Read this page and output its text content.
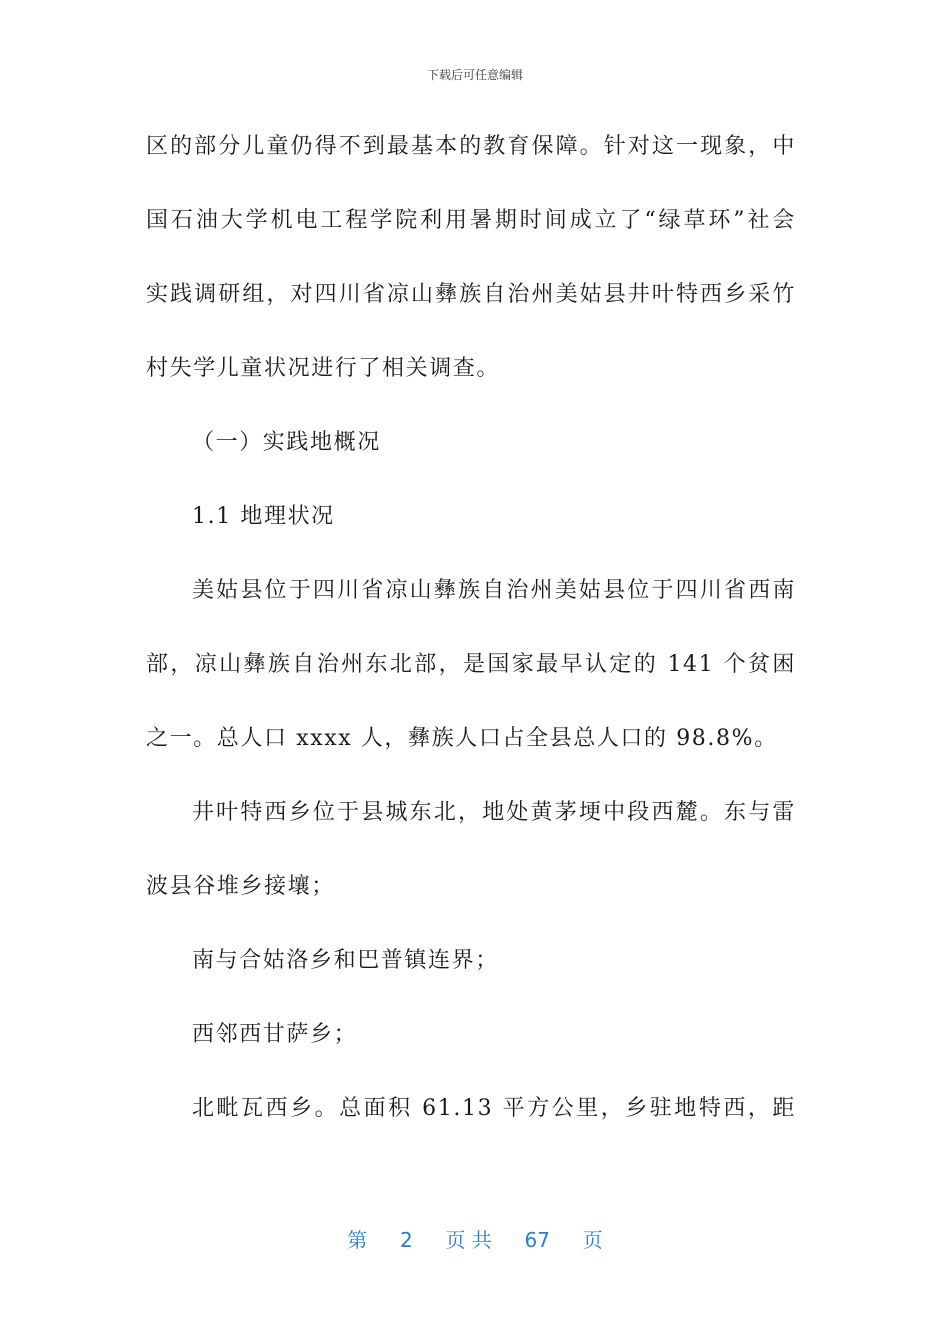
下载后可任意编辑
区的部分儿童仍得不到最基本的教育保障。针对这一现象，中
国石油大学机电工程学院利用暑期时间成立了“绿草环”社会
实践调研组，对四川省凉山彝族自治州美姑县井叶特西乡采竹
村失学儿童状况进行了相关调查。
（一）实践地概况
1.1 地理状况
美姑县位于四川省凉山彝族自治州美姑县位于四川省西南
部，凉山彝族自治州东北部，是国家最早认定的 141 个贫困
之一。总人口 xxxx 人，彝族人口占全县总人口的 98.8%。
井叶特西乡位于县城东北，地处黄茅埂中段西麓。东与雷
波县谷堆乡接壤；
南与合姑洛乡和巴普镇连界；
西邻西甘萨乡；
北毗瓦西乡。总面积 61.13 平方公里，乡驻地特西，距
第 2 页 共 67 页
